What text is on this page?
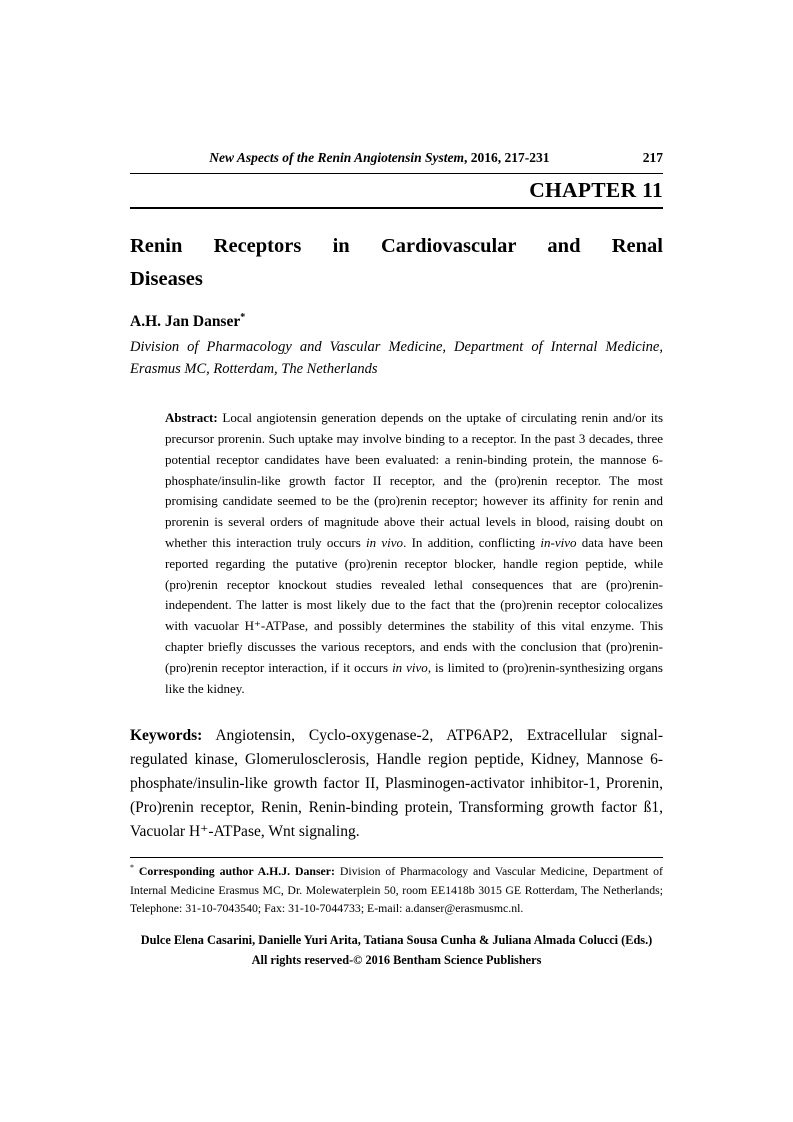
New Aspects of the Renin Angiotensin System, 2016, 217-231	217
CHAPTER 11
Renin Receptors in Cardiovascular and Renal
Diseases
A.H. Jan Danser*

Division of Pharmacology and Vascular Medicine, Department of Internal Medicine, Erasmus MC, Rotterdam, The Netherlands

Abstract: Local angiotensin generation depends on the uptake of circulating renin and/or its precursor prorenin. Such uptake may involve binding to a receptor. In the past 3 decades, three potential receptor candidates have been evaluated: a renin-binding protein, the mannose 6-phosphate/insulin-like growth factor II receptor, and the (pro)renin receptor. The most promising candidate seemed to be the (pro)renin receptor; however its affinity for renin and prorenin is several orders of magnitude above their actual levels in blood, raising doubt on whether this interaction truly occurs in vivo. In addition, conflicting in-vivo data have been reported regarding the putative (pro)renin receptor blocker, handle region peptide, while (pro)renin receptor knockout studies revealed lethal consequences that are (pro)renin-independent. The latter is most likely due to the fact that the (pro)renin receptor colocalizes with vacuolar H⁺-ATPase, and possibly determines the stability of this vital enzyme. This chapter briefly discusses the various receptors, and ends with the conclusion that (pro)renin-(pro)renin receptor interaction, if it occurs in vivo, is limited to (pro)renin-synthesizing organs like the kidney.

Keywords: Angiotensin, Cyclo-oxygenase-2, ATP6AP2, Extracellular signal-regulated kinase, Glomerulosclerosis, Handle region peptide, Kidney, Mannose 6-phosphate/insulin-like growth factor II, Plasminogen-activator inhibitor-1, Prorenin, (Pro)renin receptor, Renin, Renin-binding protein, Transforming growth factor ß1, Vacuolar H⁺-ATPase, Wnt signaling.

* Corresponding author A.H.J. Danser: Division of Pharmacology and Vascular Medicine, Department of Internal Medicine Erasmus MC, Dr. Molewaterplein 50, room EE1418b 3015 GE Rotterdam, The Netherlands; Telephone: 31-10-7043540; Fax: 31-10-7044733; E-mail: a.danser@erasmusmc.nl.

Dulce Elena Casarini, Danielle Yuri Arita, Tatiana Sousa Cunha & Juliana Almada Colucci (Eds.)
All rights reserved-© 2016 Bentham Science Publishers
